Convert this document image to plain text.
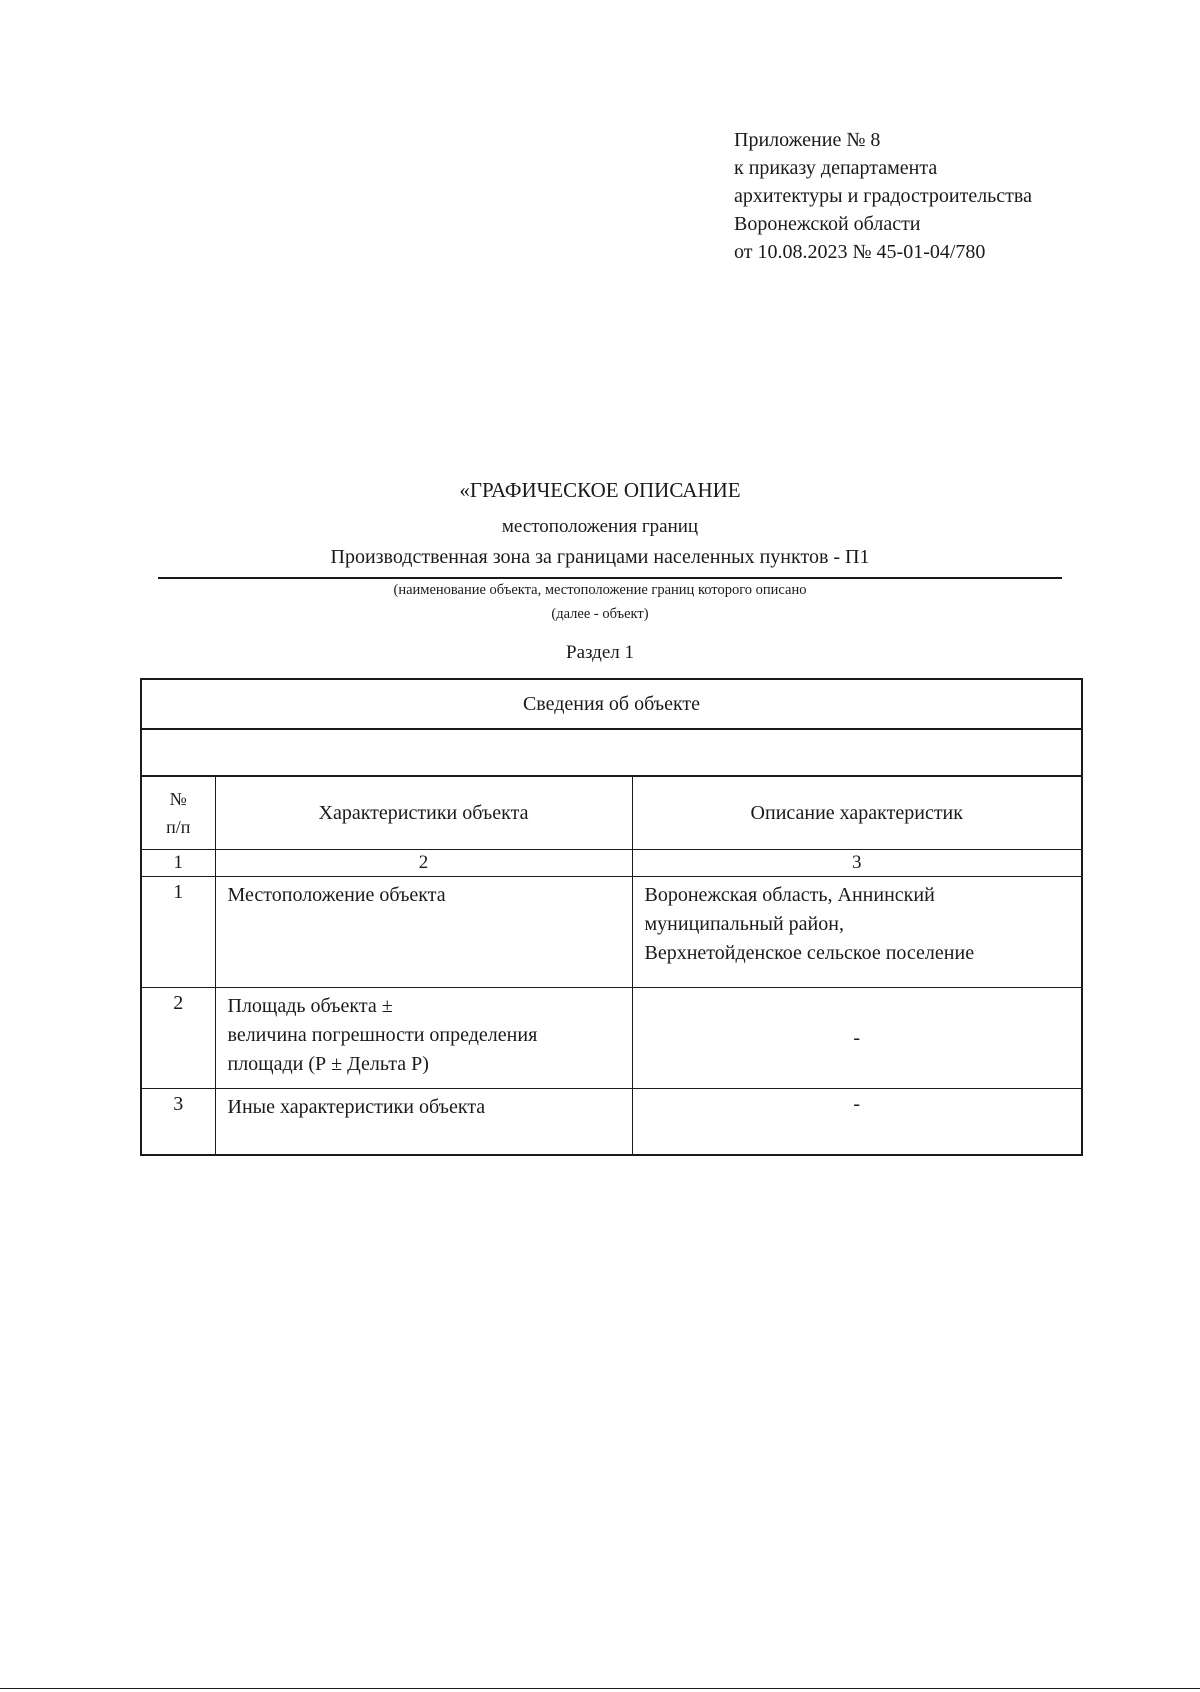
Приложение № 8
к приказу департамента
архитектуры и градостроительства
Воронежской области
от 10.08.2023 № 45-01-04/780
«ГРАФИЧЕСКОЕ ОПИСАНИЕ
местоположения границ
Производственная зона за границами населенных пунктов - П1
(наименование объекта, местоположение границ которого описано
(далее - объект)
Раздел 1
Сведения об объекте		

№
п/п	Характеристики объекта	Описание характеристик
1	2	3
1	Местоположение объекта	Воронежская область, Аннинский
муниципальный район,
Верхнетойденское сельское поселение

2	Площадь объекта ±
величина погрешности определения
площади (Р ± Дельта Р)	-
3	Иные характеристики объекта	-
